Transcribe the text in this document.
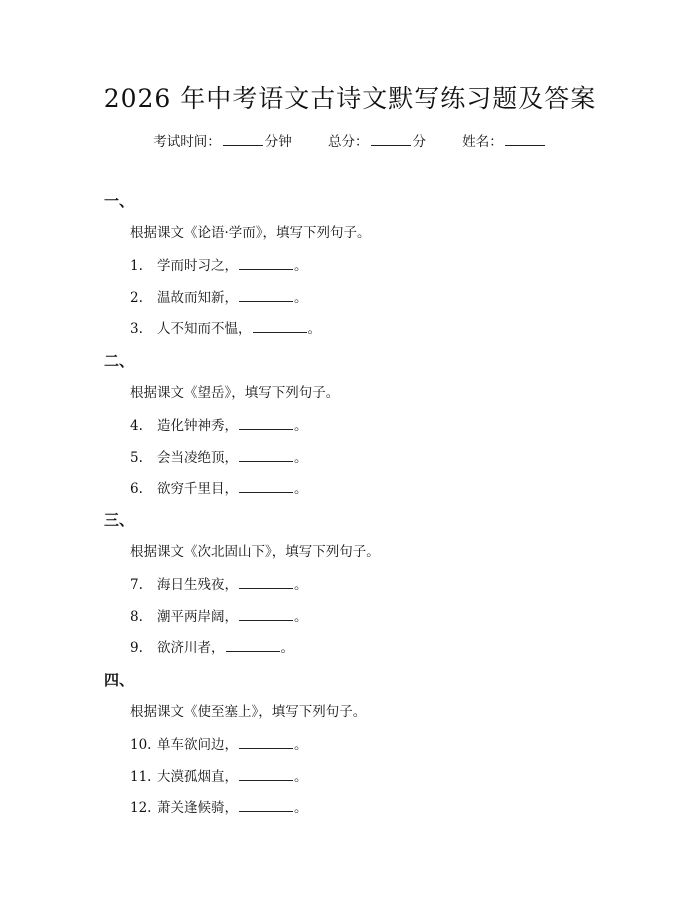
2026 年中考语文古诗文默写练习题及答案
考试时间：	分钟	总分：	分	姓名：
一、
根据课文《论语·学而》，填写下列句子。
1. 学而时习之，	。
2. 温故而知新，	。
3. 人不知而不愠，	。
二、
根据课文《望岳》，填写下列句子。
4. 造化钟神秀，	。
5. 会当凌绝顶，	。
6. 欲穷千里目，	。
三、
根据课文《次北固山下》，填写下列句子。
7. 海日生残夜，	。
8. 潮平两岸阔，	。
9. 欲济川者，	。
四、
根据课文《使至塞上》，填写下列句子。
10. 单车欲问边，	。
11. 大漠孤烟直，	。
12. 萧关逢候骑，	。
